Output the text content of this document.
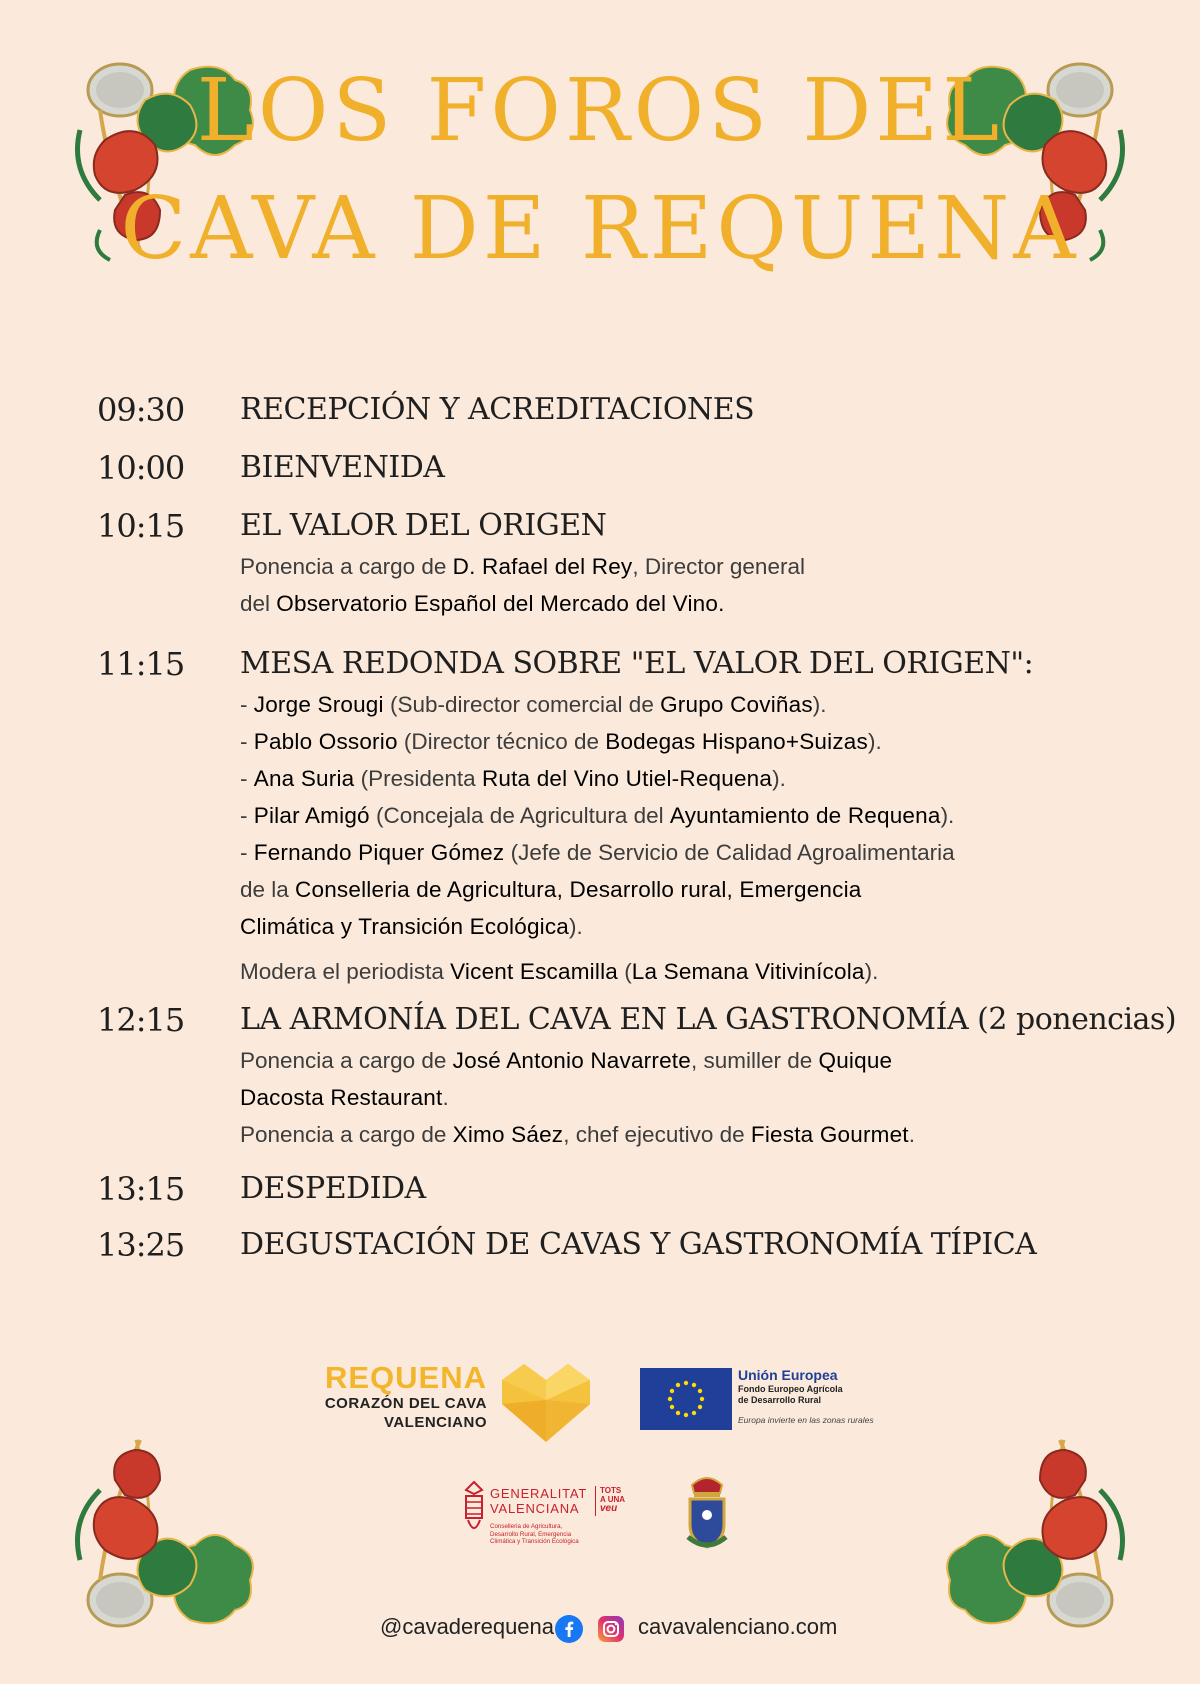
LOS FOROS DEL
CAVA DE REQUENA
09:30	RECEPCIÓN Y ACREDITACIONES
10:00	BIENVENIDA
10:15	EL VALOR DEL ORIGEN
Ponencia a cargo de D. Rafael del Rey, Director general
del Observatorio Español del Mercado del Vino.
11:15	MESA REDONDA SOBRE "EL VALOR DEL ORIGEN":
- Jorge Srougi (Sub-director comercial de Grupo Coviñas).
- Pablo Ossorio (Director técnico de Bodegas Hispano+Suizas).
- Ana Suria (Presidenta Ruta del Vino Utiel-Requena).
- Pilar Amigó (Concejala de Agricultura del Ayuntamiento de Requena).
- Fernando Piquer Gómez (Jefe de Servicio de Calidad Agroalimentaria
de la Conselleria de Agricultura, Desarrollo rural, Emergencia
Climática y Transición Ecológica).
Modera el periodista Vicent Escamilla (La Semana Vitivinícola).
12:15	LA ARMONÍA DEL CAVA EN LA GASTRONOMÍA (2 ponencias)
Ponencia a cargo de José Antonio Navarrete, sumiller de Quique
Dacosta Restaurant.
Ponencia a cargo de Ximo Sáez, chef ejecutivo de Fiesta Gourmet.
13:15	DESPEDIDA
13:25	DEGUSTACIÓN DE CAVAS Y GASTRONOMÍA TÍPICA
REQUENA
CORAZÓN DEL CAVA
VALENCIANO
Unión Europea
Fondo Europeo Agrícola
de Desarrollo Rural
Europa invierte en las zonas rurales
GENERALITAT
VALENCIANA
TOTS
A UNA
veu
Conselleria de Agricultura,
Desarrollo Rural, Emergencia
Climática y Transición Ecológica
@cavaderequena	cavavalenciano.com
